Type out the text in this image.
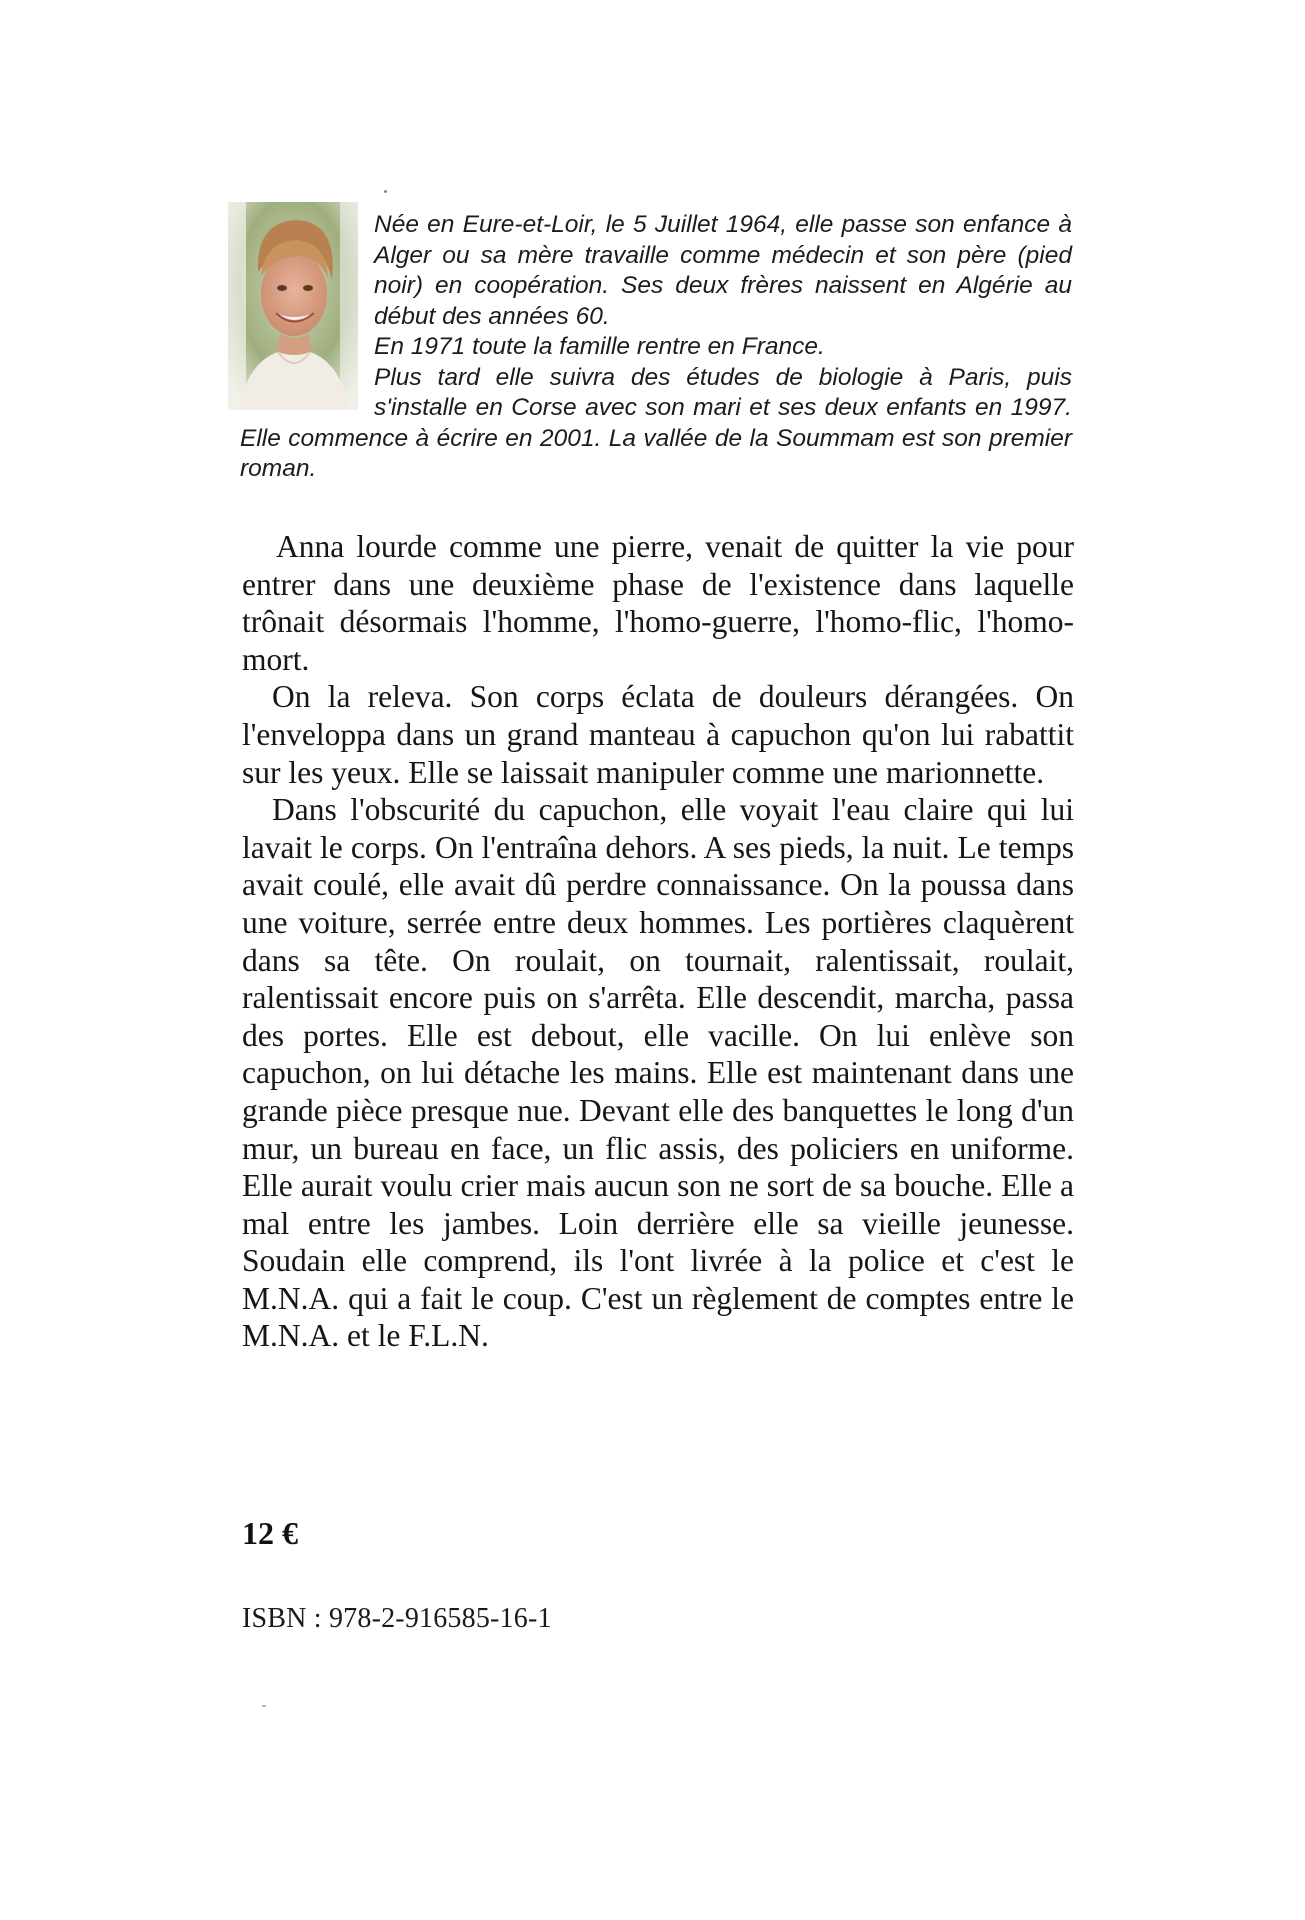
Née en Eure-et-Loir, le 5 Juillet 1964, elle passe son enfance à Alger ou sa mère travaille comme médecin et son père (pied noir) en coopération. Ses deux frères naissent en Algérie au début des années 60.

En 1971 toute la famille rentre en France.

Plus tard elle suivra des études de biologie à Paris, puis s'installe en Corse avec son mari et ses deux enfants en 1997. Elle commence à écrire en 2001. La vallée de la Soummam est son premier roman.

Anna lourde comme une pierre, venait de quitter la vie pour entrer dans une deuxième phase de l'existence dans laquelle trônait désormais l'homme, l'homo-guerre, l'homo-flic, l'homo-mort.

On la releva. Son corps éclata de douleurs dérangées. On l'enveloppa dans un grand manteau à capuchon qu'on lui rabattit sur les yeux. Elle se laissait manipuler comme une marionnette.

Dans l'obscurité du capuchon, elle voyait l'eau claire qui lui lavait le corps. On l'entraîna dehors. A ses pieds, la nuit. Le temps avait coulé, elle avait dû perdre connaissance. On la poussa dans une voiture, serrée entre deux hommes. Les portières claquèrent dans sa tête. On roulait, on tournait, ralentissait, roulait, ralentissait encore puis on s'arrêta. Elle descendit, marcha, passa des portes. Elle est debout, elle vacille. On lui enlève son capuchon, on lui détache les mains. Elle est maintenant dans une grande pièce presque nue. Devant elle des banquettes le long d'un mur, un bureau en face, un flic assis, des policiers en uniforme. Elle aurait voulu crier mais aucun son ne sort de sa bouche. Elle a mal entre les jambes. Loin derrière elle sa vieille jeunesse. Soudain elle comprend, ils l'ont livrée à la police et c'est le M.N.A. qui a fait le coup. C'est un règlement de comptes entre le M.N.A. et le F.L.N.

12 €
ISBN : 978-2-916585-16-1
